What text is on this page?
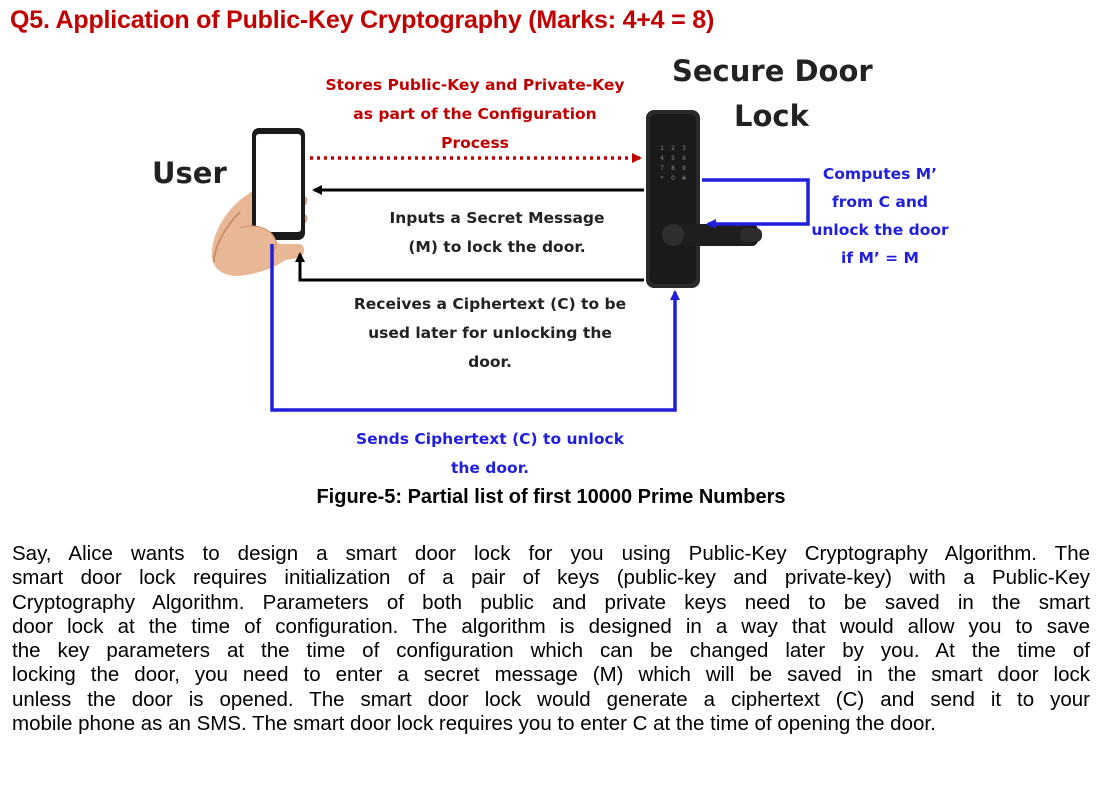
Q5. Application of Public-Key Cryptography (Marks: 4+4 = 8)
1 2 3
4 5 6
7 8 9
* 0 #
User
Secure Door
Lock
Stores Public-Key and Private-Key
as part of the Configuration
Process
Inputs a Secret Message
(M) to lock the door.
Receives a Ciphertext (C) to be
used later for unlocking the
door.
Sends Ciphertext (C) to unlock
the door.
Computes M’
from C and
unlock the door
if M’ = M
Figure-5: Partial list of first 10000 Prime Numbers
Say, Alice wants to design a smart door lock for you using Public-Key Cryptography Algorithm. The
smart door lock requires initialization of a pair of keys (public-key and private-key) with a Public-Key
Cryptography Algorithm. Parameters of both public and private keys need to be saved in the smart
door lock at the time of configuration. The algorithm is designed in a way that would allow you to save
the key parameters at the time of configuration which can be changed later by you. At the time of
locking the door, you need to enter a secret message (M) which will be saved in the smart door lock
unless the door is opened. The smart door lock would generate a ciphertext (C) and send it to your
mobile phone as an SMS. The smart door lock requires you to enter C at the time of opening the door.
